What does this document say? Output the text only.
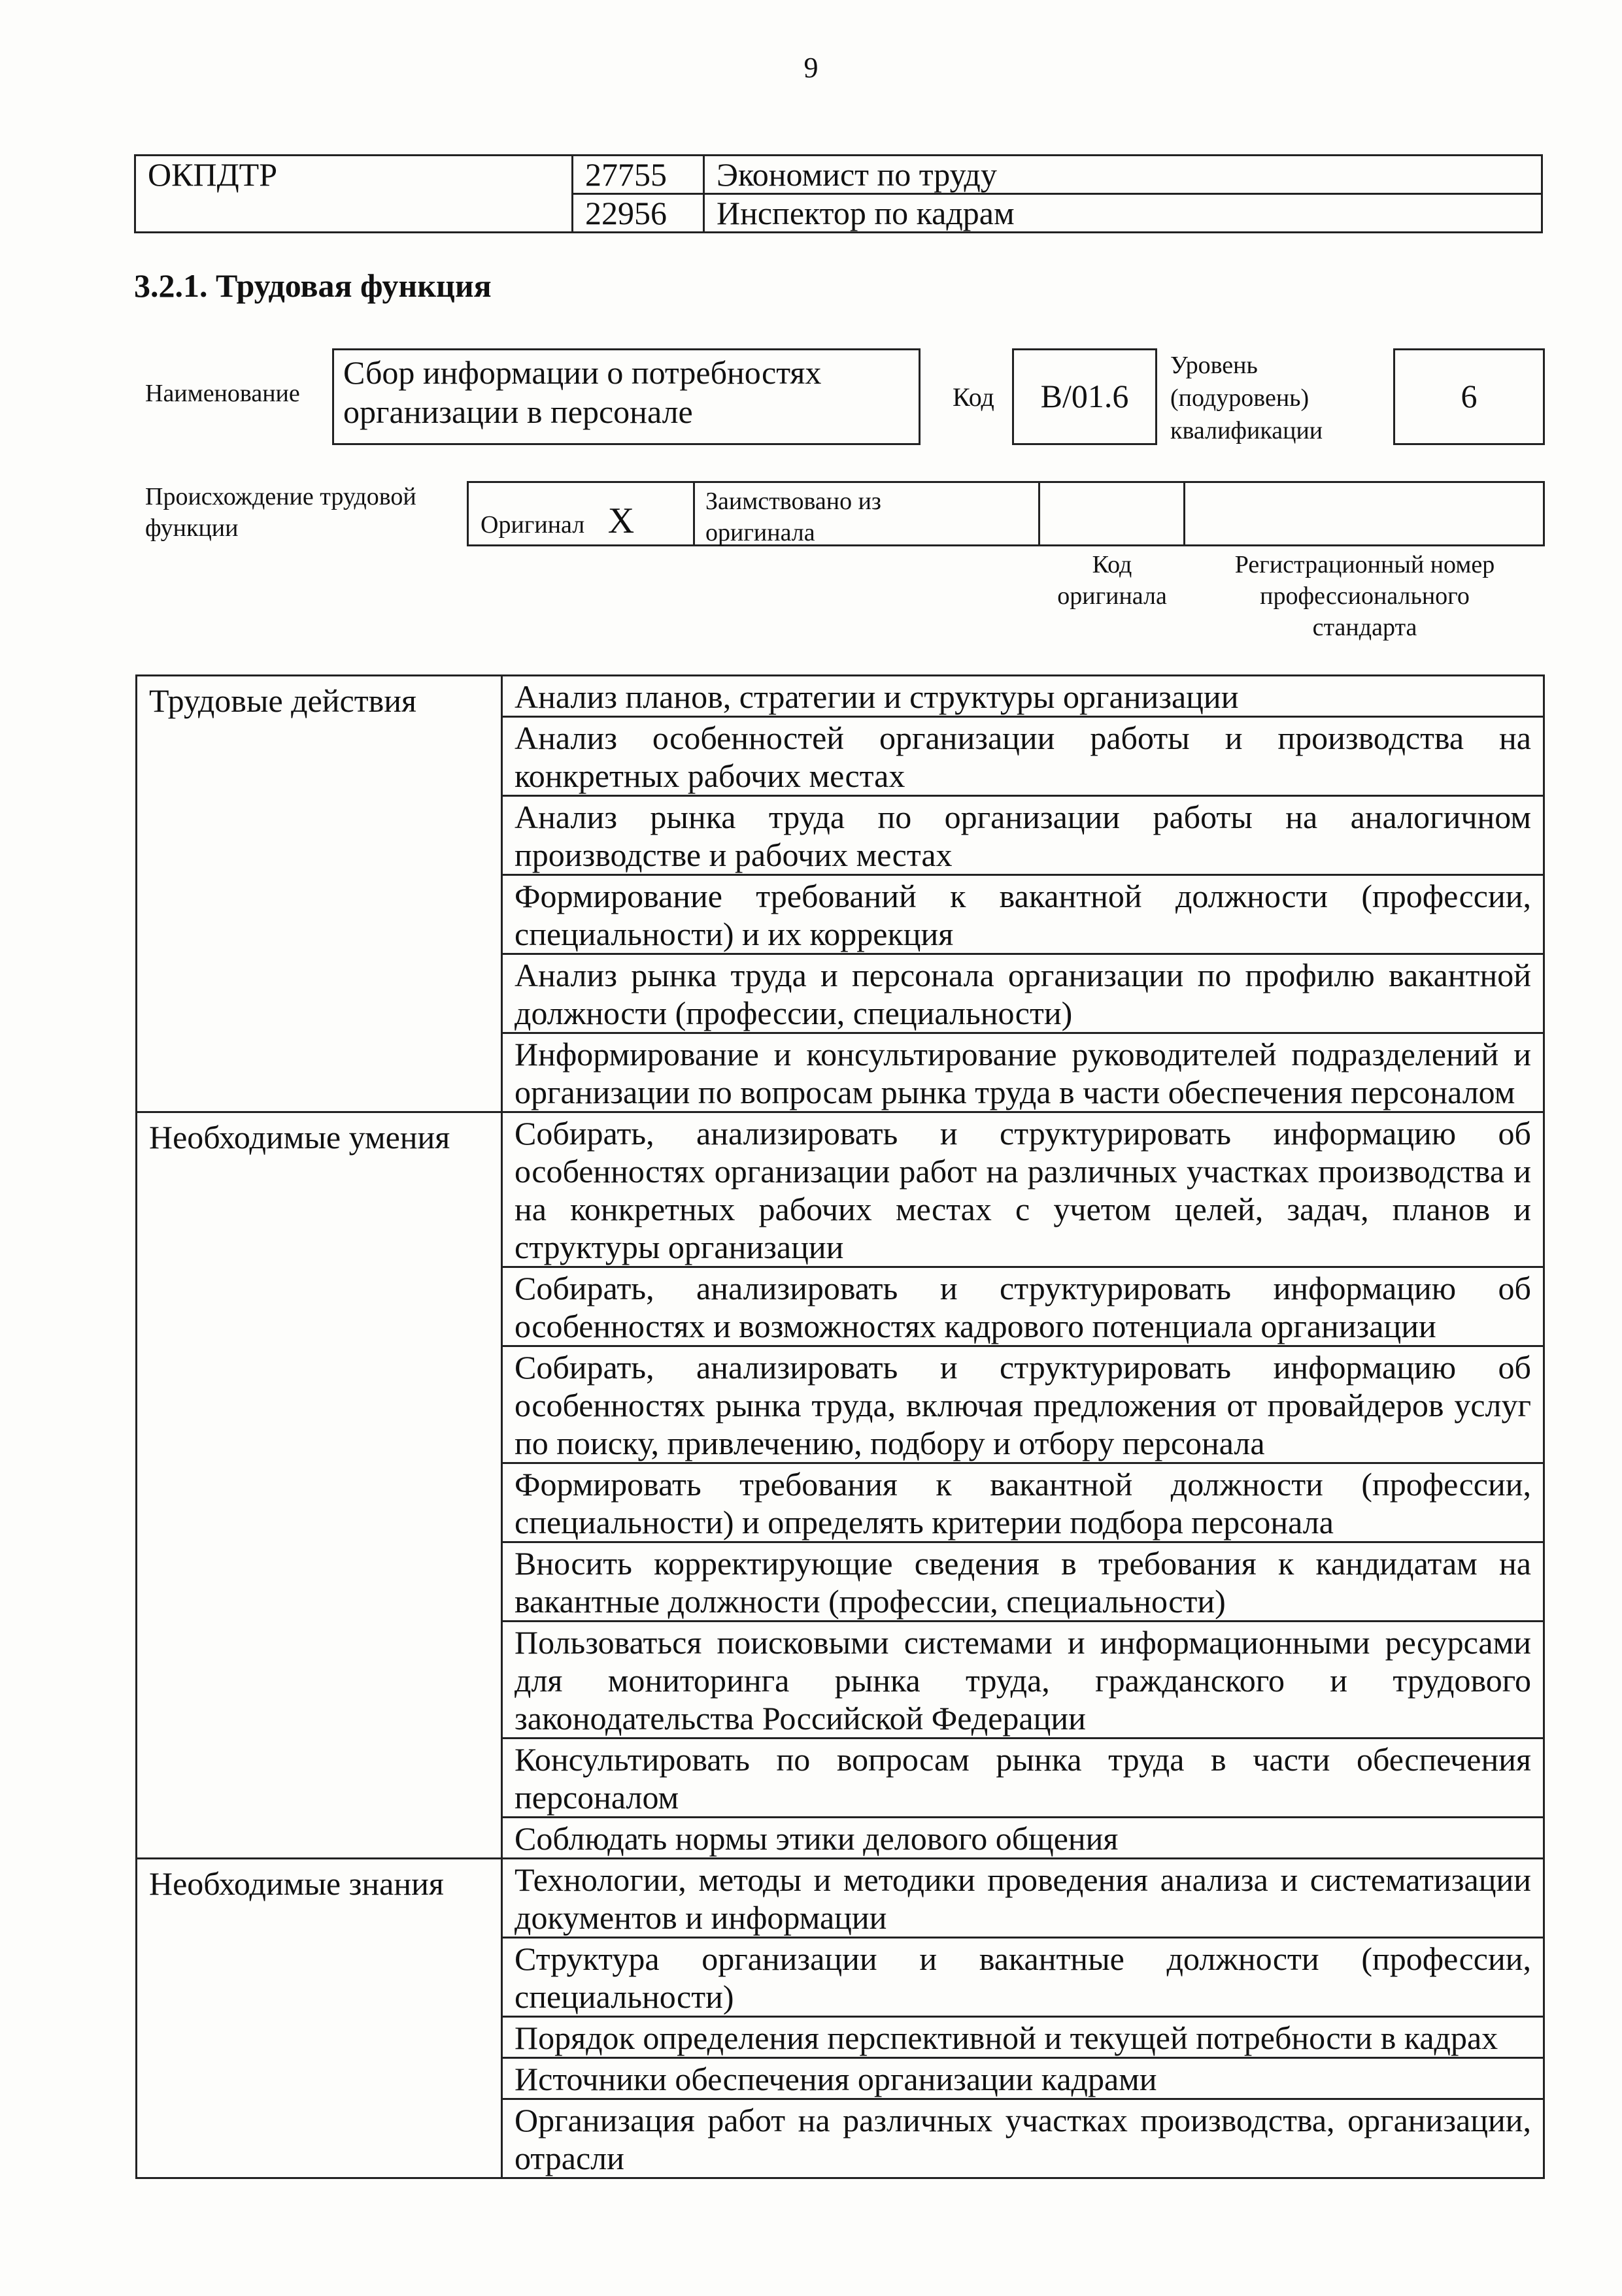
9
ОКПДТР	27755	Экономист по труду
	22956	Инспектор по кадрам
3.2.1. Трудовая функция
Наименование
Сбор информации о потребностях
организации в персонале	Код	B/01.6
Уровень
(подуровень)
квалификации
6
Происхождение трудовой
функции	Оригинал X	Заимствовано из
оригинала
Код
оригинала
Регистрационный номер
профессионального
стандарта
Трудовые действия	Анализ планов, стратегии и структуры организации
	Анализ особенностей организации работы и производства на конкретных рабочих местах
	Анализ рынка труда по организации работы на аналогичном производстве и рабочих местах
	Формирование требований к вакантной должности (профессии, специальности) и их коррекция
	Анализ рынка труда и персонала организации по профилю вакантной должности (профессии, специальности)
	Информирование и консультирование руководителей подразделений и организации по вопросам рынка труда в части обеспечения персоналом
Необходимые умения	Собирать, анализировать и структурировать информацию об особенностях организации работ на различных участках производства и на конкретных рабочих местах с учетом целей, задач, планов и структуры организации
	Собирать, анализировать и структурировать информацию об особенностях и возможностях кадрового потенциала организации
	Собирать, анализировать и структурировать информацию об особенностях рынка труда, включая предложения от провайдеров услуг по поиску, привлечению, подбору и отбору персонала
	Формировать требования к вакантной должности (профессии, специальности) и определять критерии подбора персонала
	Вносить корректирующие сведения в требования к кандидатам на вакантные должности (профессии, специальности)
	Пользоваться поисковыми системами и информационными ресурсами для мониторинга рынка труда, гражданского и трудового законодательства Российской Федерации
	Консультировать по вопросам рынка труда в части обеспечения персоналом
	Соблюдать нормы этики делового общения
Необходимые знания	Технологии, методы и методики проведения анализа и систематизации документов и информации
	Структура организации и вакантные должности (профессии, специальности)
	Порядок определения перспективной и текущей потребности в кадрах
	Источники обеспечения организации кадрами
	Организация работ на различных участках производства, организации, отрасли
